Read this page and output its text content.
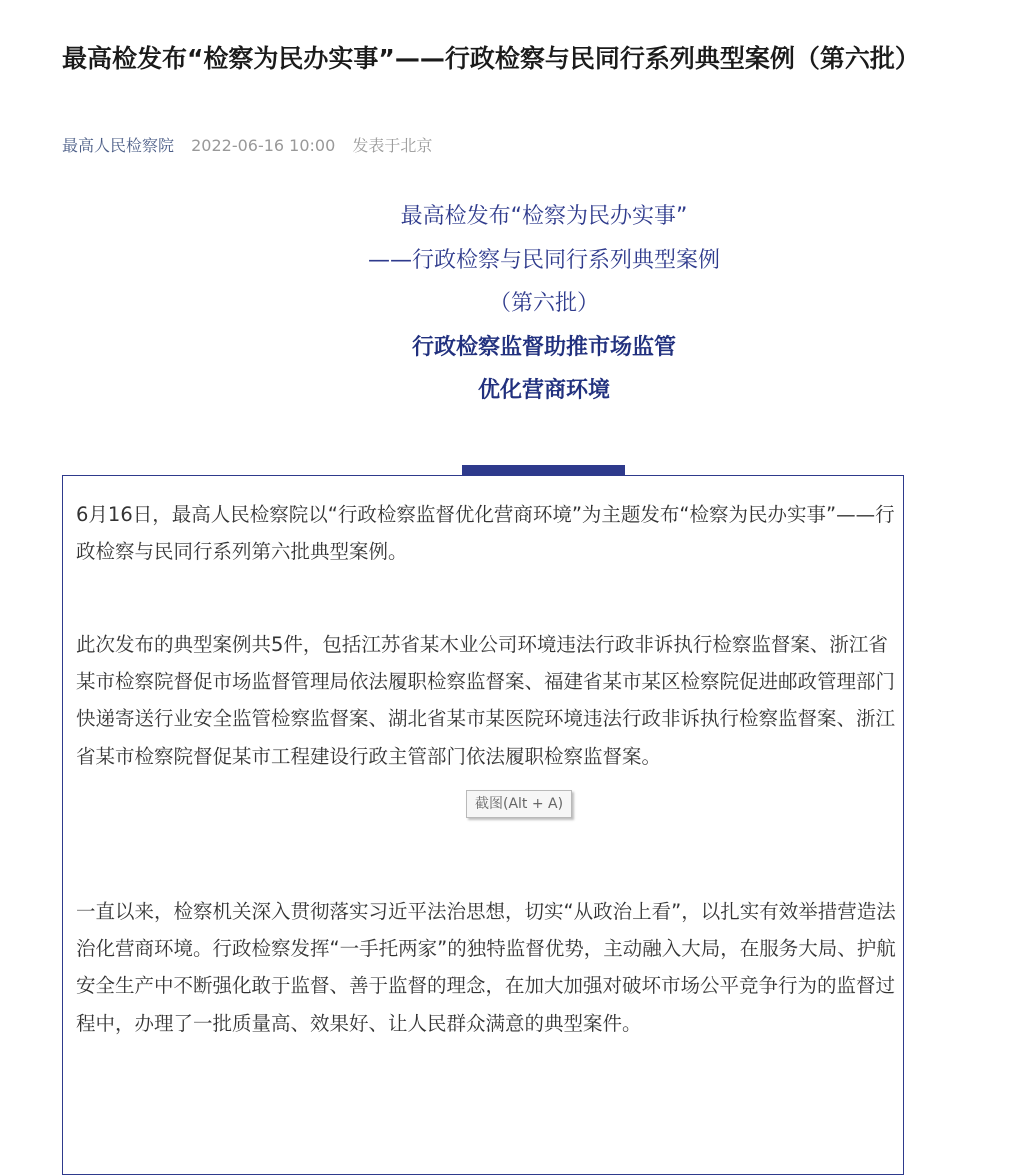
最高检发布“检察为民办实事”——行政检察与民同行系列典型案例（第六批）
最高人民检察院 2022-06-16 10:00 发表于北京
最高检发布“检察为民办实事”
——行政检察与民同行系列典型案例
（第六批）
行政检察监督助推市场监管
优化营商环境

6月16日，最高人民检察院以“行政检察监督优化营商环境”为主题发布“检察为民办实事”——行政检察与民同行系列第六批典型案例。

此次发布的典型案例共5件，包括江苏省某木业公司环境违法行政非诉执行检察监督案、浙江省某市检察院督促市场监督管理局依法履职检察监督案、福建省某市某区检察院促进邮政管理部门快递寄送行业安全监管检察监督案、湖北省某市某医院环境违法行政非诉执行检察监督案、浙江省某市检察院督促某市工程建设行政主管部门依法履职检察监督案。

一直以来，检察机关深入贯彻落实习近平法治思想，切实“从政治上看”，以扎实有效举措营造法治化营商环境。行政检察发挥“一手托两家”的独特监督优势，主动融入大局，在服务大局、护航安全生产中不断强化敢于监督、善于监督的理念，在加大加强对破坏市场公平竞争行为的监督过程中，办理了一批质量高、效果好、让人民群众满意的典型案件。

截图(Alt + A)
